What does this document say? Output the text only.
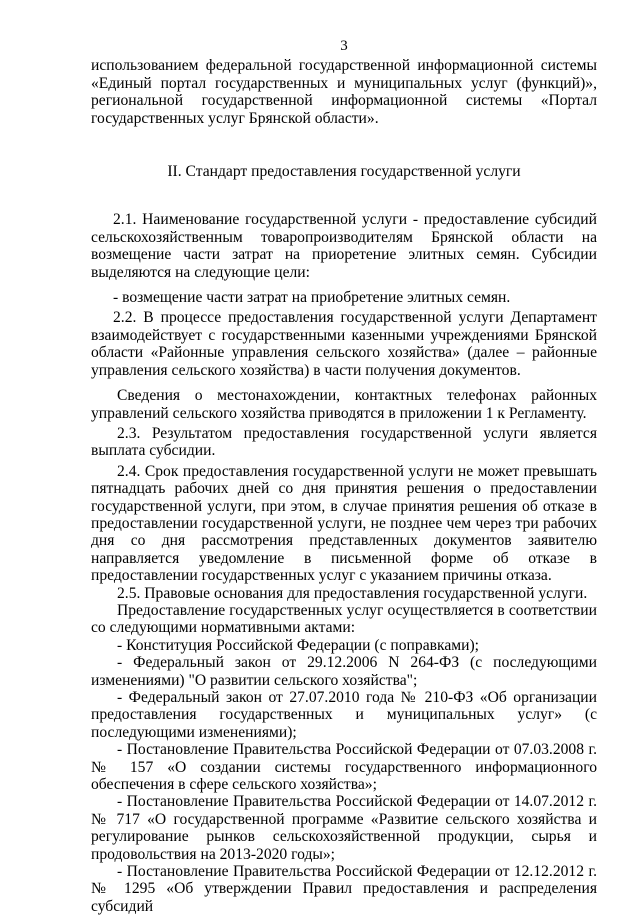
3

использованием федеральной государственной информационной системы «Единый портал государственных и муниципальных услуг (функций)», региональной государственной информационной системы «Портал государственных услуг Брянской области».

II. Стандарт предоставления государственной услуги

2.1. Наименование государственной услуги - предоставление субсидий сельскохозяйственным товаропроизводителям Брянской области на возмещение части затрат на приоретение элитных семян. Субсидии выделяются на следующие цели:

- возмещение части затрат на приобретение элитных семян.

2.2. В процессе предоставления государственной услуги Департамент взаимодействует с государственными казенными учреждениями Брянской области «Районные управления сельского хозяйства» (далее – районные управления сельского хозяйства) в части получения документов.

Сведения о местонахождении, контактных телефонах районных управлений сельского хозяйства приводятся в приложении 1 к Регламенту.

2.3. Результатом предоставления государственной услуги является выплата субсидии.

2.4. Срок предоставления государственной услуги не может превышать пятнадцать рабочих дней со дня принятия решения о предоставлении государственной услуги, при этом, в случае принятия решения об отказе в предоставлении государственной услуги, не позднее чем через три рабочих дня со дня рассмотрения представленных документов заявителю направляется уведомление в письменной форме об отказе в предоставлении государственных услуг с указанием причины отказа.

2.5. Правовые основания для предоставления государственной услуги.

Предоставление государственных услуг осуществляется в соответствии со следующими нормативными актами:

- Конституция Российской Федерации (с поправками);

- Федеральный закон от 29.12.2006 N 264-ФЗ (с последующими изменениями) "О развитии сельского хозяйства";

- Федеральный закон от 27.07.2010 года № 210-ФЗ «Об организации предоставления государственных и муниципальных услуг» (с последующими изменениями);

- Постановление Правительства Российской Федерации от 07.03.2008 г. № 157 «О создании системы государственного информационного обеспечения в сфере сельского хозяйства»;

- Постановление Правительства Российской Федерации от 14.07.2012 г. № 717 «О государственной программе «Развитие сельского хозяйства и регулирование рынков сельскохозяйственной продукции, сырья и продовольствия на 2013-2020 годы»;

- Постановление Правительства Российской Федерации от 12.12.2012 г. № 1295 «Об утверждении Правил предоставления и распределения субсидий
